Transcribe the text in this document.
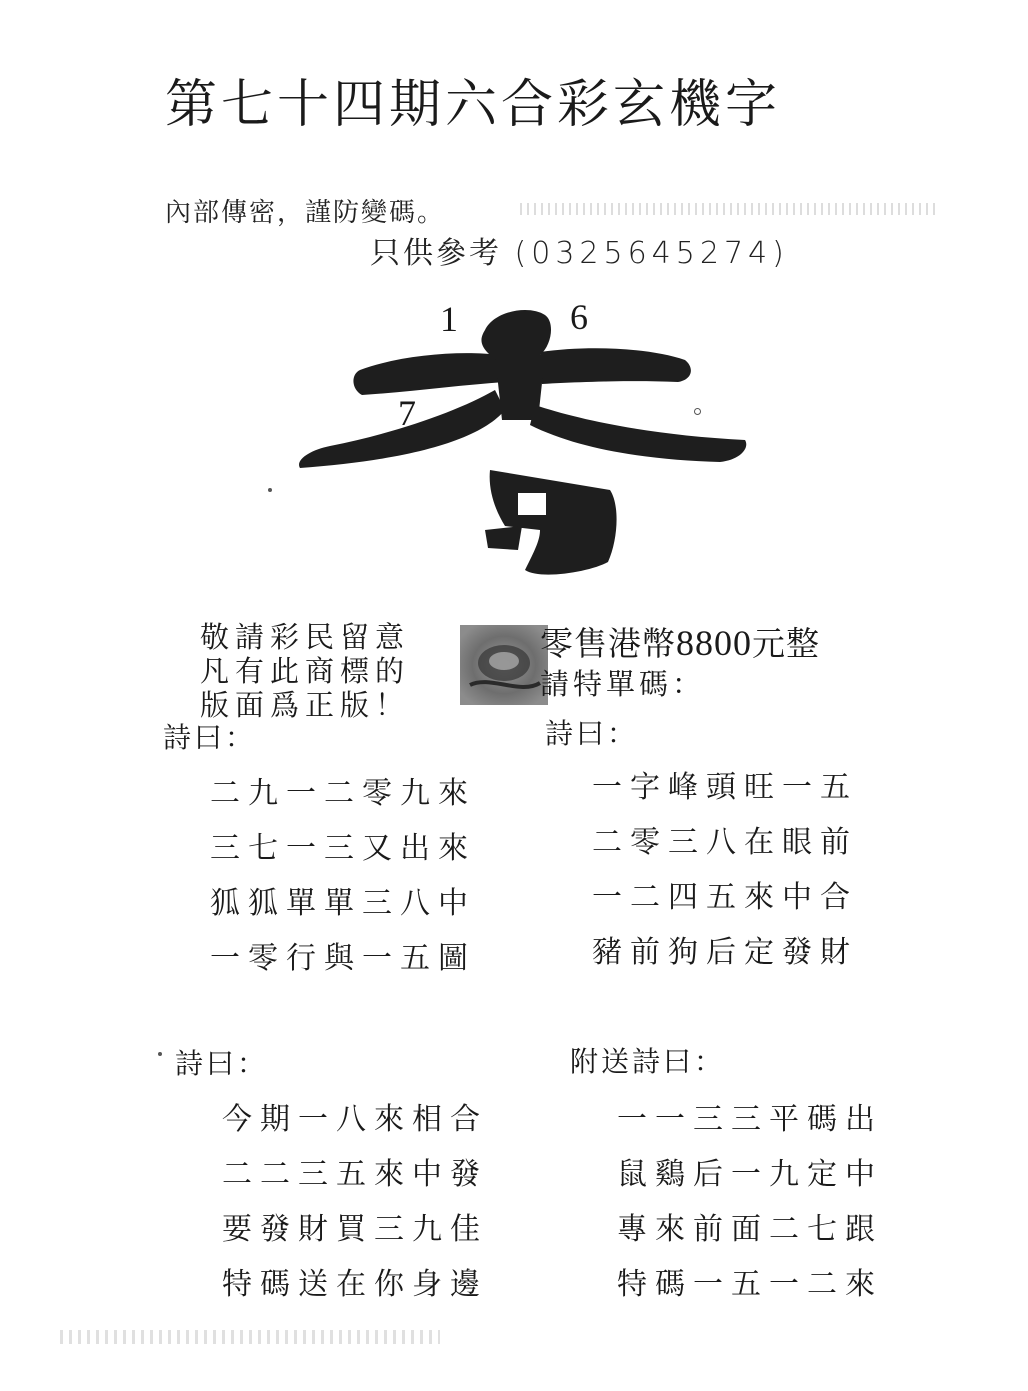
第七十四期六合彩玄機字
內部傳密，謹防變碼。
只供參考 (0325645274)
1	6
7
敬請彩民留意
凡有此商標的
版面爲正版！
零售港幣8800元整
請特單碼：
詩曰：
二九一二零九來
三七一三又出來
狐狐單單三八中
一零行與一五圖
詩曰：
一字峰頭旺一五
二零三八在眼前
一二四五來中合
豬前狗后定發財
詩曰：
今期一八來相合
二二三五來中發
要發財買三九佳
特碼送在你身邊
附送詩曰：
一一三三平碼出
鼠鷄后一九定中
專來前面二七跟
特碼一五一二來
